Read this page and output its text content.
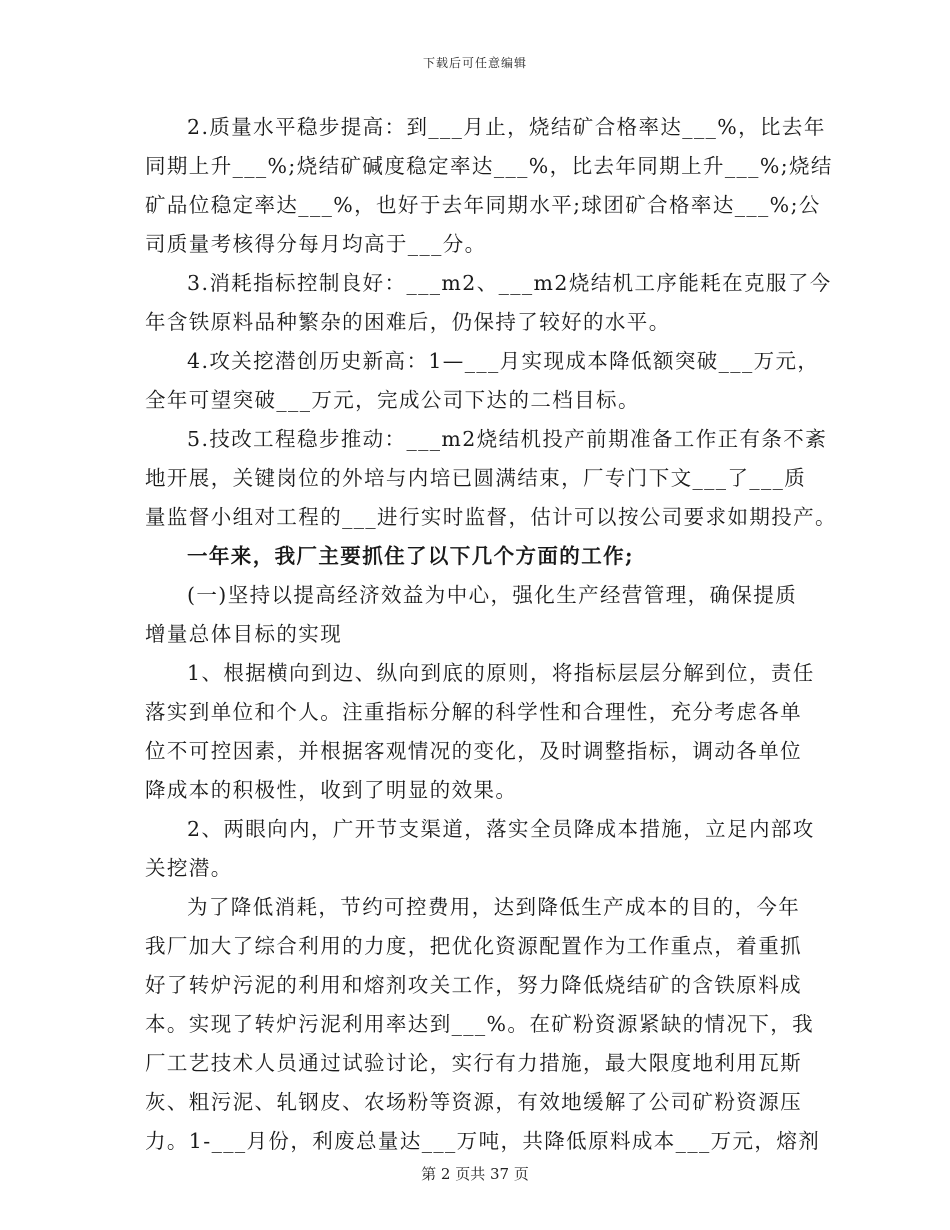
下载后可任意编辑
2.质量水平稳步提高：到___月止，烧结矿合格率达___%，比去年
同期上升___%;烧结矿碱度稳定率达___%，比去年同期上升___%;烧结
矿品位稳定率达___%，也好于去年同期水平;球团矿合格率达___%;公
司质量考核得分每月均高于___分。
3.消耗指标控制良好：___m2、___m2烧结机工序能耗在克服了今
年含铁原料品种繁杂的困难后，仍保持了较好的水平。
4.攻关挖潜创历史新高：1—___月实现成本降低额突破___万元，
全年可望突破___万元，完成公司下达的二档目标。
5.技改工程稳步推动：___m2烧结机投产前期准备工作正有条不紊
地开展，关键岗位的外培与内培已圆满结束，厂专门下文___了___质
量监督小组对工程的___进行实时监督，估计可以按公司要求如期投产。
一年来，我厂主要抓住了以下几个方面的工作;
(一)坚持以提高经济效益为中心，强化生产经营管理，确保提质
增量总体目标的实现
1、根据横向到边、纵向到底的原则，将指标层层分解到位，责任
落实到单位和个人。注重指标分解的科学性和合理性，充分考虑各单
位不可控因素，并根据客观情况的变化，及时调整指标，调动各单位
降成本的积极性，收到了明显的效果。
2、两眼向内，广开节支渠道，落实全员降成本措施，立足内部攻
关挖潜。
为了降低消耗，节约可控费用，达到降低生产成本的目的，今年
我厂加大了综合利用的力度，把优化资源配置作为工作重点，着重抓
好了转炉污泥的利用和熔剂攻关工作，努力降低烧结矿的含铁原料成
本。实现了转炉污泥利用率达到___%。在矿粉资源紧缺的情况下，我
厂工艺技术人员通过试验讨论，实行有力措施，最大限度地利用瓦斯
灰、粗污泥、轧钢皮、农场粉等资源，有效地缓解了公司矿粉资源压
力。1-___月份，利废总量达___万吨，共降低原料成本___万元，熔剂
第 2 页共 37 页
